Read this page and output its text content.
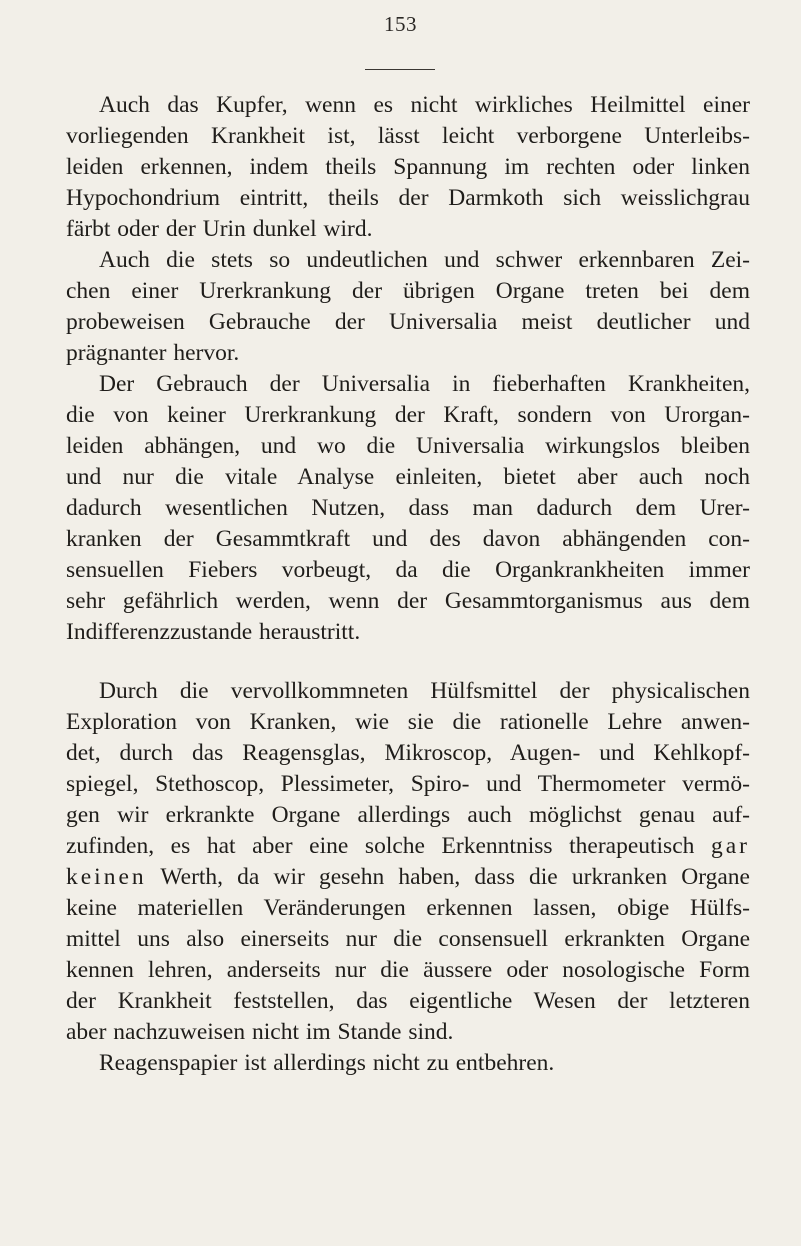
153
Auch das Kupfer, wenn es nicht wirkliches Heilmittel einer
vorliegenden Krankheit ist, lässt leicht verborgene Unterleibs-
leiden erkennen, indem theils Spannung im rechten oder linken
Hypochondrium eintritt, theils der Darmkoth sich weisslichgrau
färbt oder der Urin dunkel wird.
Auch die stets so undeutlichen und schwer erkennbaren Zei-
chen einer Urerkrankung der übrigen Organe treten bei dem
probeweisen Gebrauche der Universalia meist deutlicher und
prägnanter hervor.
Der Gebrauch der Universalia in fieberhaften Krankheiten,
die von keiner Urerkrankung der Kraft, sondern von Urorgan-
leiden abhängen, und wo die Universalia wirkungslos bleiben
und nur die vitale Analyse einleiten, bietet aber auch noch
dadurch wesentlichen Nutzen, dass man dadurch dem Urer-
kranken der Gesammtkraft und des davon abhängenden con-
sensuellen Fiebers vorbeugt, da die Organkrankheiten immer
sehr gefährlich werden, wenn der Gesammtorganismus aus dem
Indifferenzzustande heraustritt.
Durch die vervollkommneten Hülfsmittel der physicalischen
Exploration von Kranken, wie sie die rationelle Lehre anwen-
det, durch das Reagensglas, Mikroscop, Augen- und Kehlkopf-
spiegel, Stethoscop, Plessimeter, Spiro- und Thermometer vermö-
gen wir erkrankte Organe allerdings auch möglichst genau auf-
zufinden, es hat aber eine solche Erkenntniss therapeutisch gar
keinen Werth, da wir gesehn haben, dass die urkranken Organe
keine materiellen Veränderungen erkennen lassen, obige Hülfs-
mittel uns also einerseits nur die consensuell erkrankten Organe
kennen lehren, anderseits nur die äussere oder nosologische Form
der Krankheit feststellen, das eigentliche Wesen der letzteren
aber nachzuweisen nicht im Stande sind.
Reagenspapier ist allerdings nicht zu entbehren.
